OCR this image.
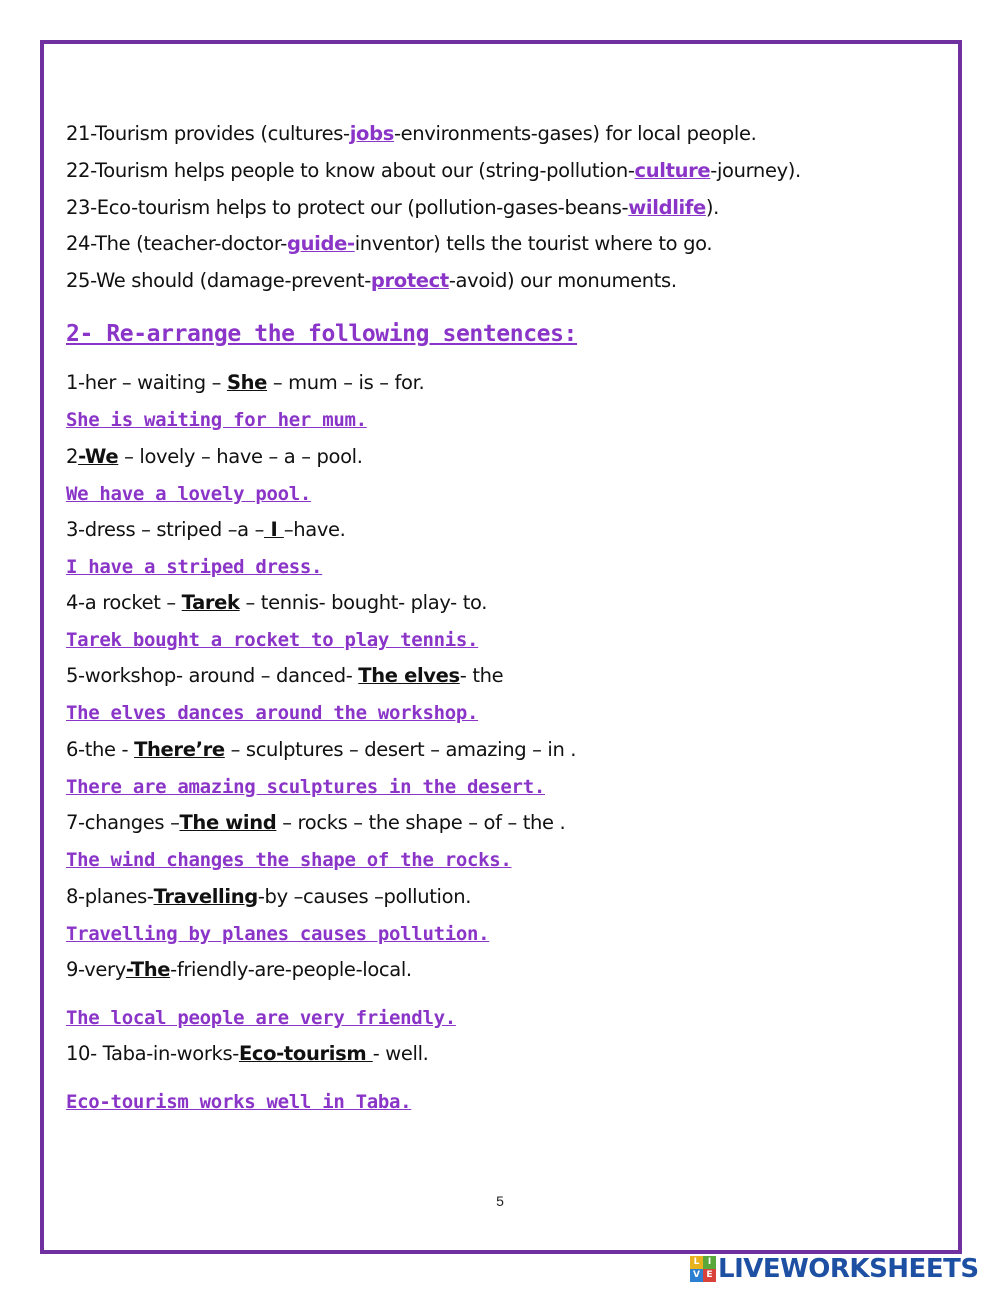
21-Tourism provides (cultures-jobs-environments-gases) for local people.
22-Tourism helps people to know about our (string-pollution-culture-journey).
23-Eco-tourism helps to protect our (pollution-gases-beans-wildlife).
24-The (teacher-doctor-guide-inventor) tells the tourist where to go.
25-We should (damage-prevent-protect-avoid) our monuments.
2- Re-arrange the following sentences:
1-her – waiting – She – mum – is – for.
She is waiting for her mum.
2-We – lovely – have – a – pool.
We have a lovely pool.
3-dress – striped –a – I –have.
I have a striped dress.
4-a rocket – Tarek – tennis- bought- play- to.
Tarek bought a rocket to play tennis.
5-workshop- around – danced- The elves- the
The elves dances around the workshop.
6-the - There’re – sculptures – desert – amazing – in .
There are amazing sculptures in the desert.
7-changes –The wind – rocks – the shape – of – the .
The wind changes the shape of the rocks.
8-planes-Travelling-by –causes –pollution.
Travelling by planes causes pollution.
9-very-The-friendly-are-people-local.
The local people are very friendly.
10- Taba-in-works-Eco-tourism - well.
Eco-tourism works well in Taba.
5
L I
V E LIVEWORKSHEETS
